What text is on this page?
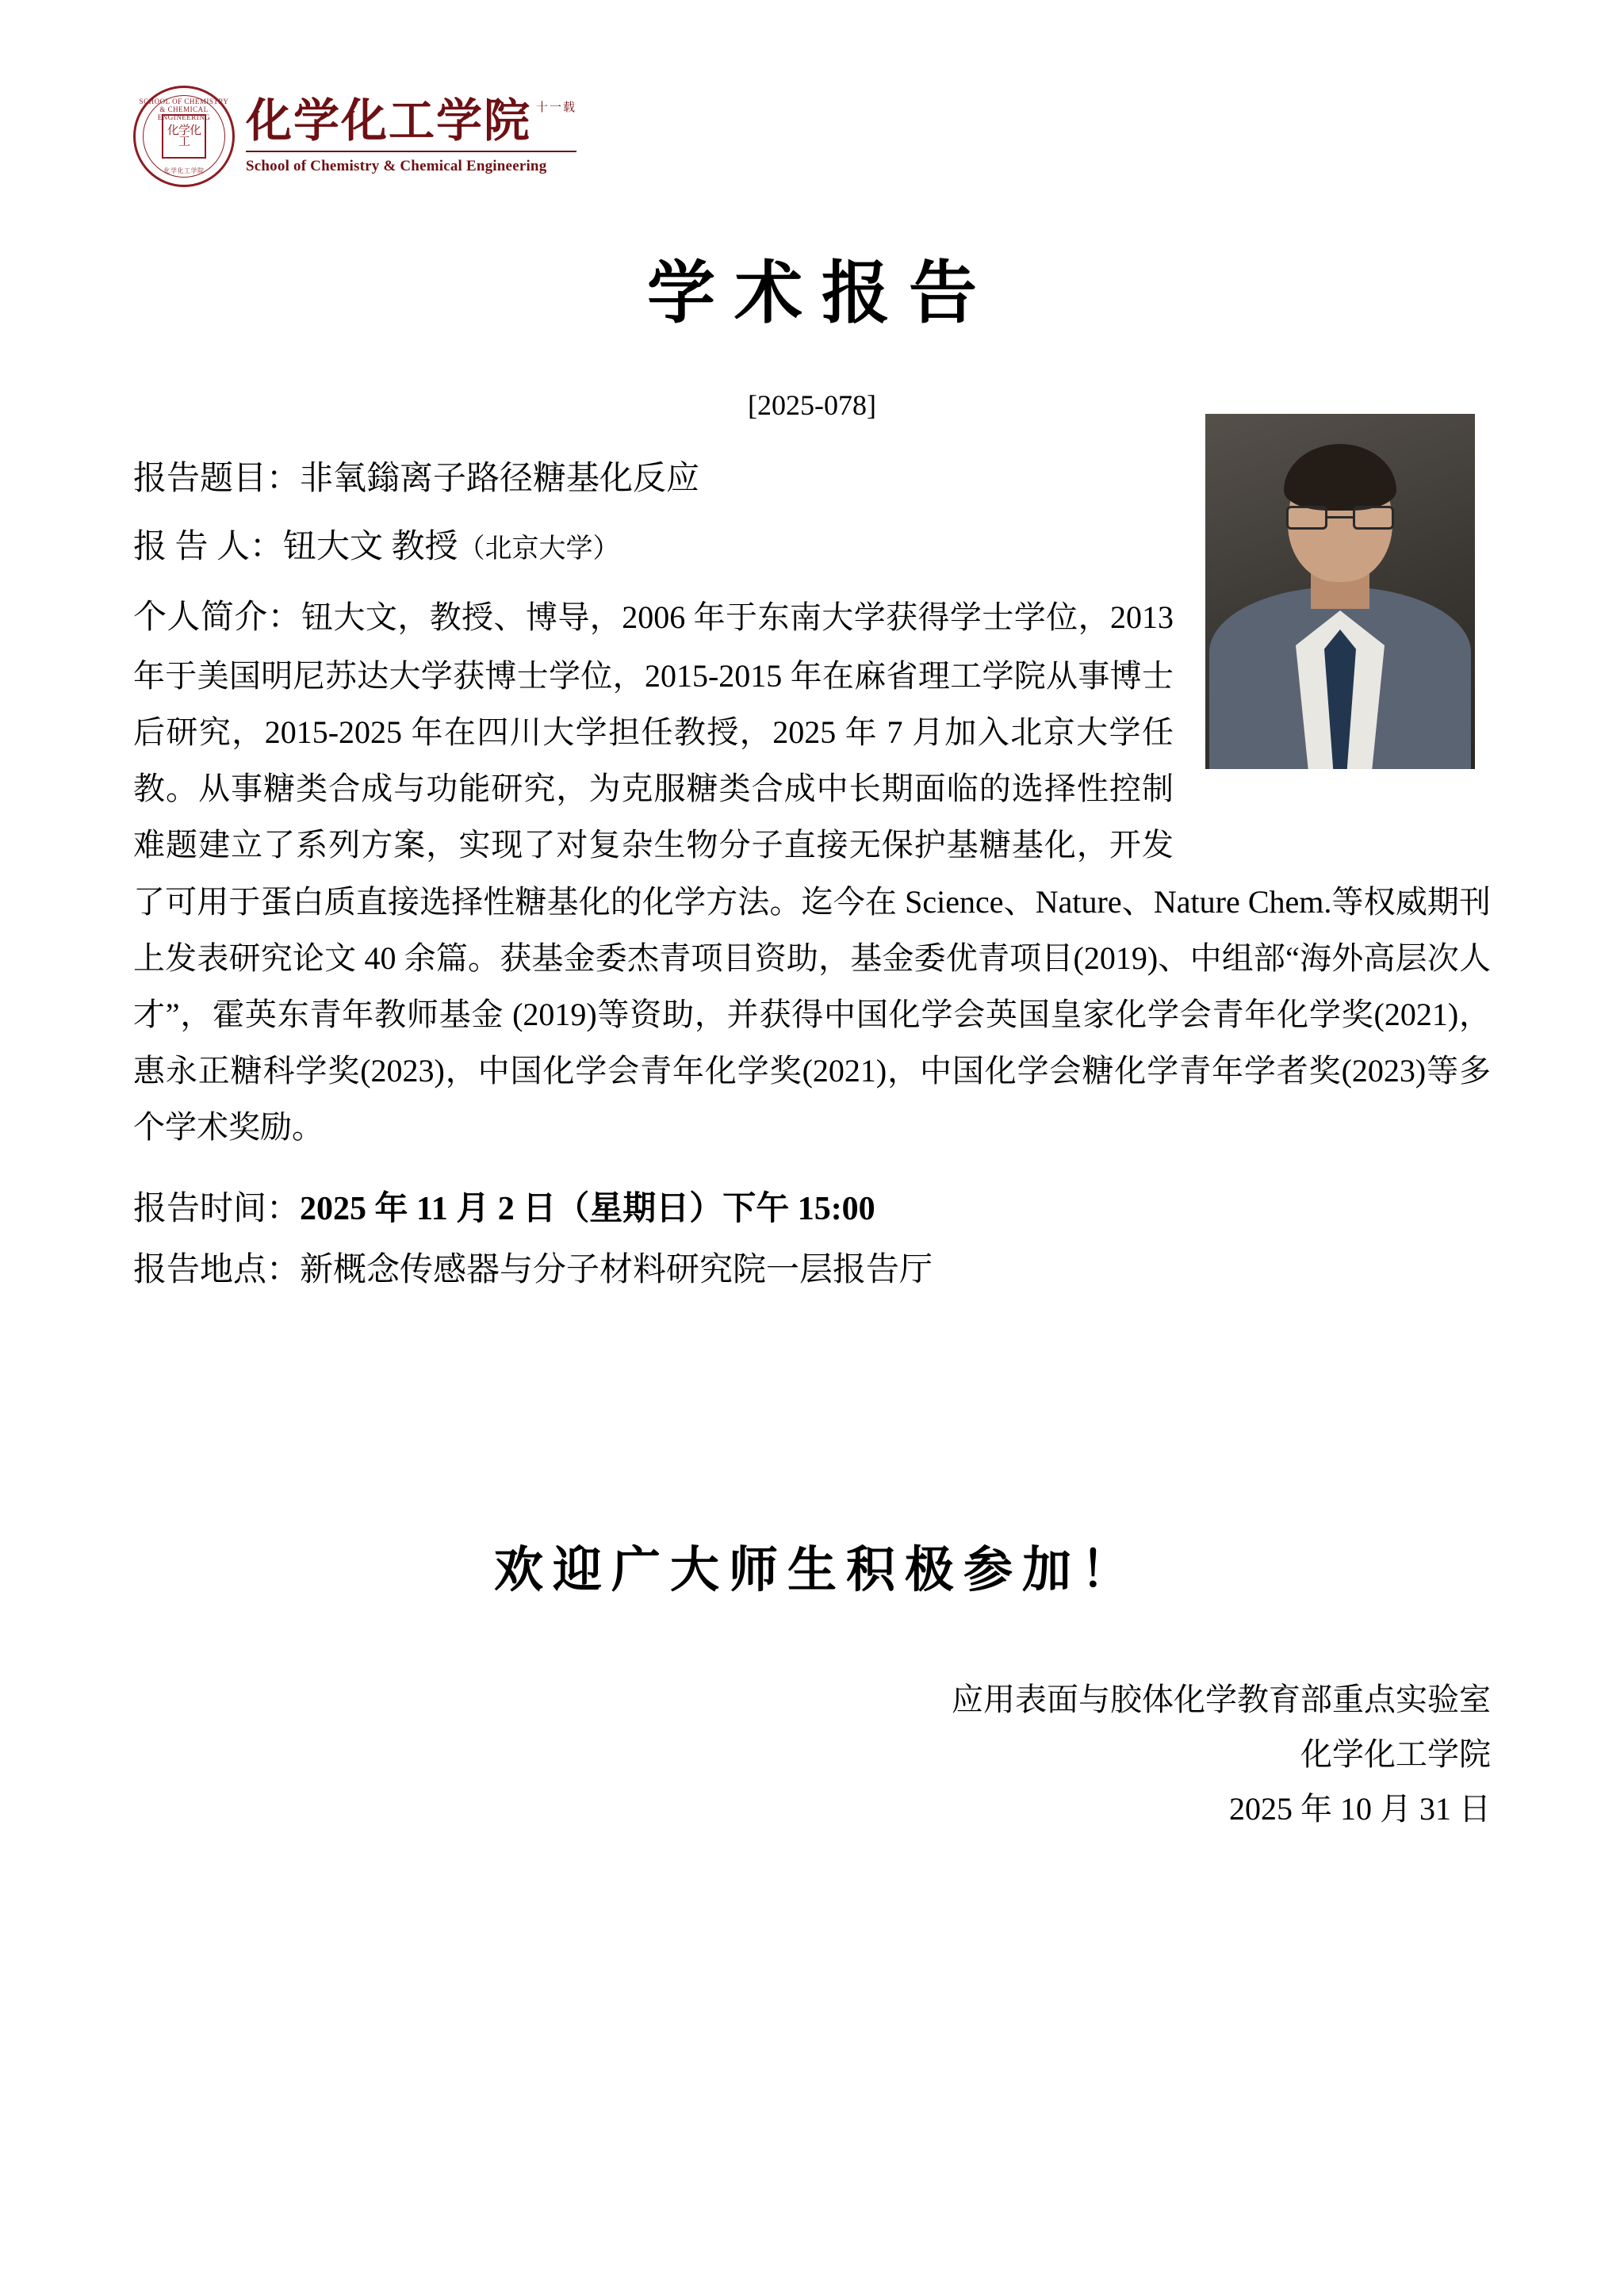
SCHOOL OF CHEMISTRY & CHEMICAL ENGINEERING
化学化工
化学化工学院
化学化工学院 十一载
School of Chemistry & Chemical Engineering
学术报告
[2025-078]
报告题目：非氧鎓离子路径糖基化反应
报 告 人：钮大文 教授（北京大学）
个人简介：钮大文，教授、博导，2006 年于东南大学获得学士学位，2013 年于美国明尼苏达大学获博士学位，2015-2015 年在麻省理工学院从事博士后研究，2015-2025 年在四川大学担任教授，2025 年 7 月加入北京大学任教。从事糖类合成与功能研究，为克服糖类合成中长期面临的选择性控制难题建立了系列方案，实现了对复杂生物分子直接无保护基糖基化，开发了可用于蛋白质直接选择性糖基化的化学方法。迄今在 Science、Nature、Nature Chem.等权威期刊上发表研究论文 40 余篇。获基金委杰青项目资助，基金委优青项目(2019)、中组部“海外高层次人才”，霍英东青年教师基金 (2019)等资助，并获得中国化学会英国皇家化学会青年化学奖(2021)，惠永正糖科学奖(2023)，中国化学会青年化学奖(2021)，中国化学会糖化学青年学者奖(2023)等多个学术奖励。
报告时间：2025 年 11 月 2 日（星期日）下午 15:00
报告地点：新概念传感器与分子材料研究院一层报告厅
欢迎广大师生积极参加！
应用表面与胶体化学教育部重点实验室
化学化工学院
2025 年 10 月 31 日
